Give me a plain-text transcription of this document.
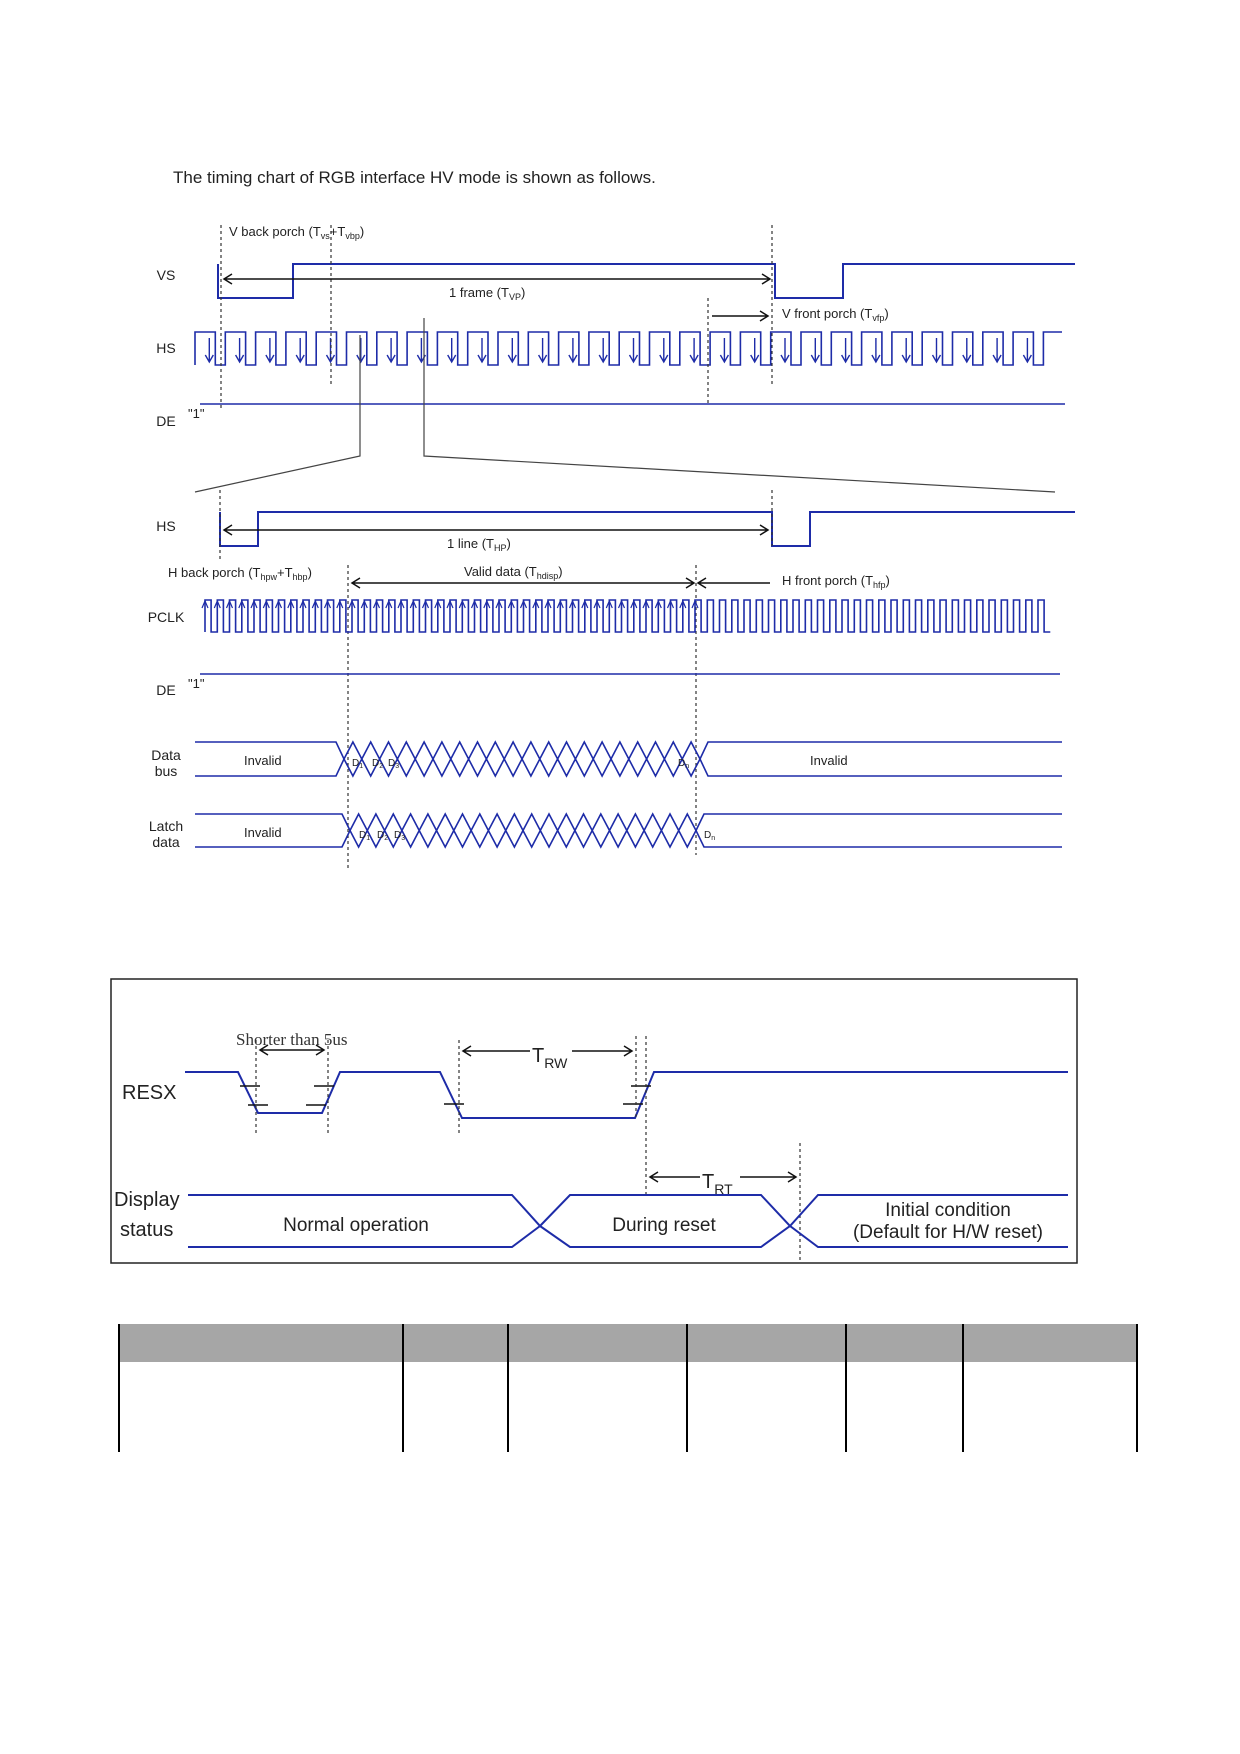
The timing chart of RGB interface HV mode is shown as follows.
VS
HS
DE
HS
PCLK
DE
Data
bus
Latch
data
"1"
"1"
V back porch $(T_{vs}+T_{vbp})$
1 frame $(T_{VP})$
V front porch $(T_{vfp})$
1 line $(T_{HP})$
H back porch $(T_{hpw}+T_{hbp})$	Valid data $(T_{hdisp})$
H front porch $(T_{hfp})$
Invalid	Invalid
Invalid
$D_1$ $D_2$ $D_3$	$D_n$
$D_1$ $D_2$ $D_3$	$D_n$
RESX
Shorter than 5us
$T_{RW}$
$T_{RT}$
Display
status	Normal operation	During reset
Initial condition
(Default for H/W reset)
